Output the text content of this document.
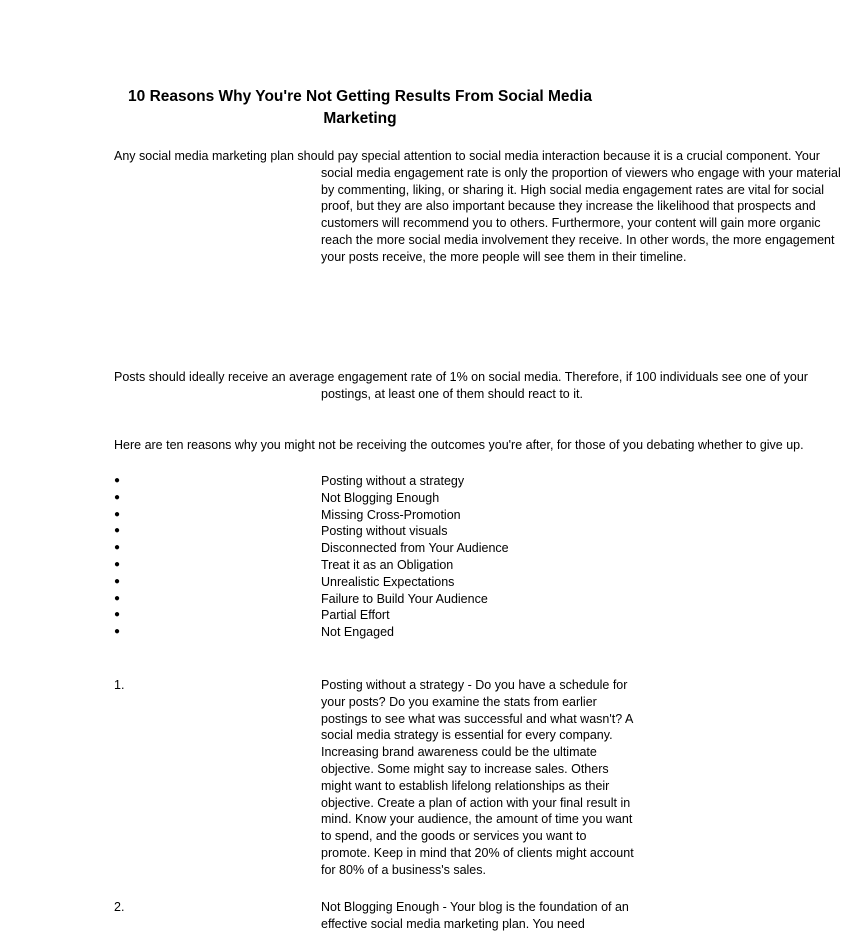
10 Reasons Why You're Not Getting Results From Social Media Marketing

Any social media marketing plan should pay special attention to social media interaction because it is a crucial component. Your social media engagement rate is only the proportion of viewers who engage with your material by commenting, liking, or sharing it. High social media engagement rates are vital for social proof, but they are also important because they increase the likelihood that prospects and customers will recommend you to others. Furthermore, your content will gain more organic reach the more social media involvement they receive. In other words, the more engagement your posts receive, the more people will see them in their timeline.

Posts should ideally receive an average engagement rate of 1% on social media. Therefore, if 100 individuals see one of your postings, at least one of them should react to it.

Here are ten reasons why you might not be receiving the outcomes you're after, for those of you debating whether to give up.

●	Posting without a strategy
●	Not Blogging Enough
●	Missing Cross-Promotion
●	Posting without visuals
●	Disconnected from Your Audience
●	Treat it as an Obligation
●	Unrealistic Expectations
●	Failure to Build Your Audience
●	Partial Effort
●	Not Engaged
1.	Posting without a strategy - Do you have a schedule for your posts? Do you examine the stats from earlier postings to see what was successful and what wasn't? A social media strategy is essential for every company. Increasing brand awareness could be the ultimate objective. Some might say to increase sales. Others might want to establish lifelong relationships as their objective. Create a plan of action with your final result in mind. Know your audience, the amount of time you want to spend, and the goods or services you want to promote. Keep in mind that 20% of clients might account for 80% of a business's sales.
2.	Not Blogging Enough - Your blog is the foundation of an effective social media marketing plan. You need
